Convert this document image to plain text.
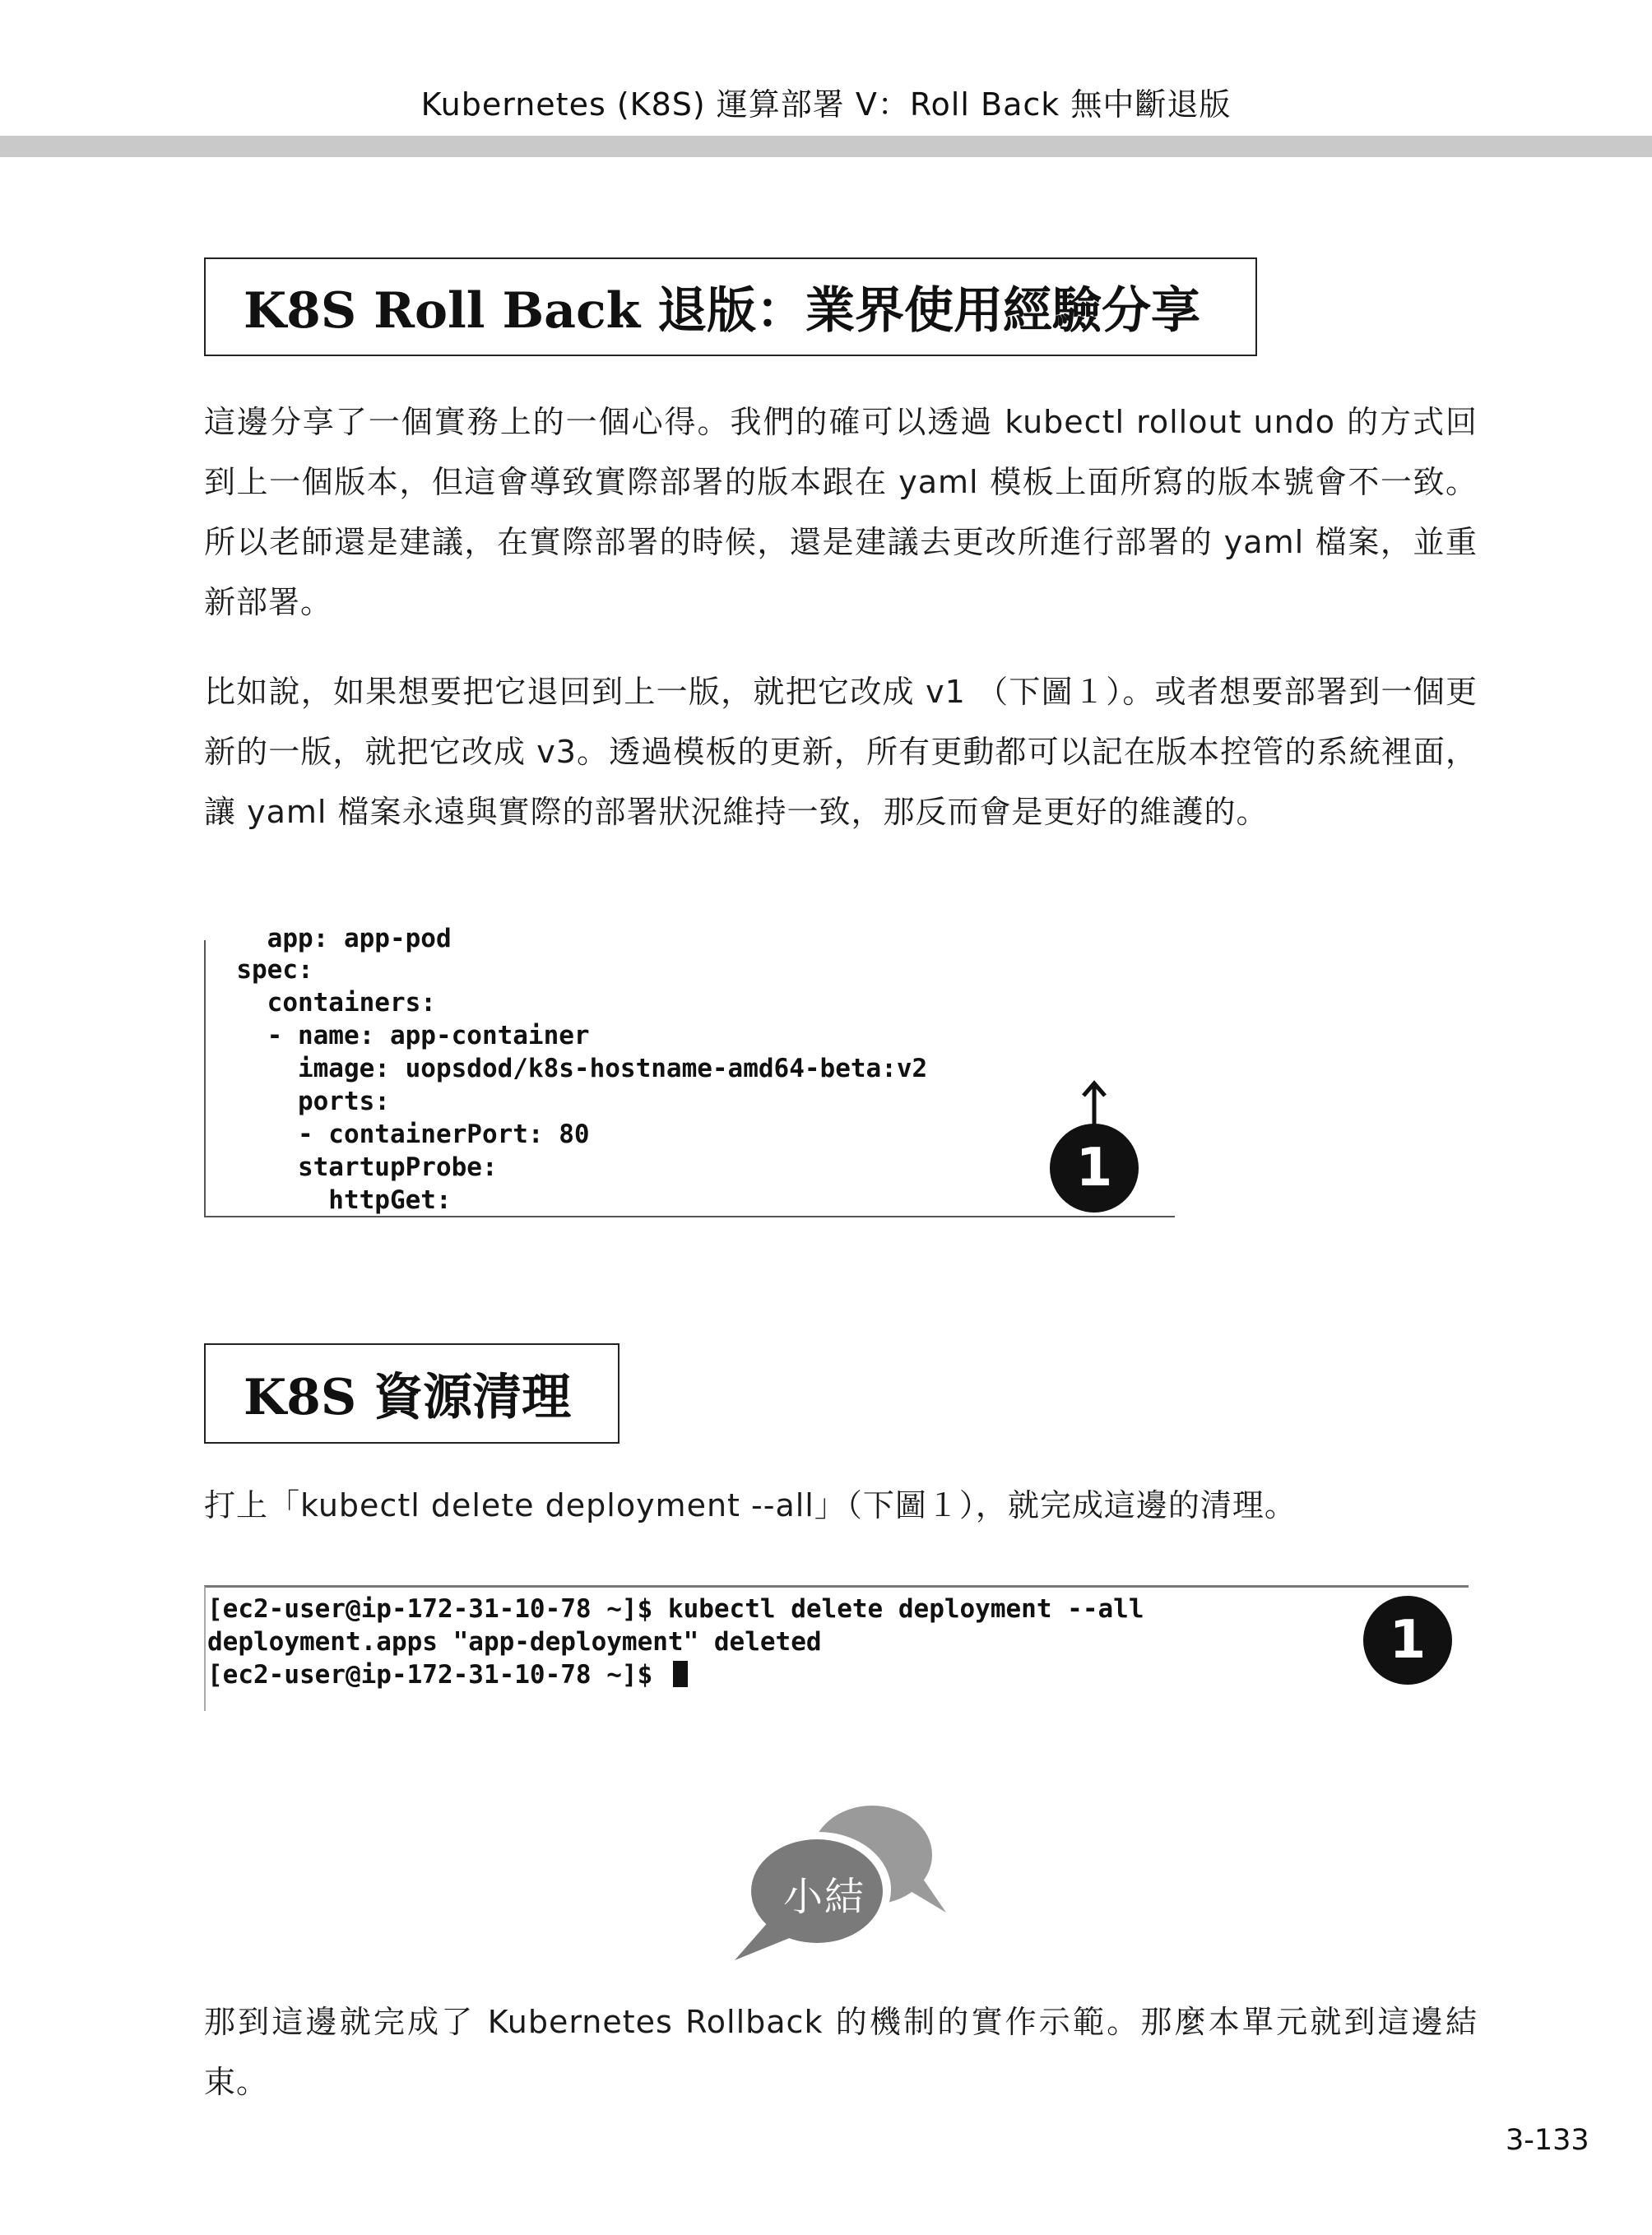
Kubernetes (K8S) 運算部署 V：Roll Back 無中斷退版
K8S Roll Back 退版：業界使用經驗分享

這邊分享了一個實務上的一個心得。我們的確可以透過 kubectl rollout undo 的方式回到上一個版本，但這會導致實際部署的版本跟在 yaml 模板上面所寫的版本號會不一致。所以老師還是建議，在實際部署的時候，還是建議去更改所進行部署的 yaml 檔案，並重新部署。

比如說，如果想要把它退回到上一版，就把它改成 v1 （下圖１）。或者想要部署到一個更新的一版，就把它改成 v3。透過模板的更新，所有更動都可以記在版本控管的系統裡面，讓 yaml 檔案永遠與實際的部署狀況維持一致，那反而會是更好的維護的。

app: app-pod
spec:
containers:
- name: app-container
image: uopsdod/k8s-hostname-amd64-beta:v2
ports:
- containerPort: 80
startupProbe:
httpGet:
1
K8S 資源清理

打上「kubectl delete deployment --all」（下圖１），就完成這邊的清理。

[ec2-user@ip-172-31-10-78 ~]$ kubectl delete deployment --all
deployment.apps "app-deployment" deleted
[ec2-user@ip-172-31-10-78 ~]$
1
小結

那到這邊就完成了 Kubernetes Rollback 的機制的實作示範。那麼本單元就到這邊結束。

3-133
